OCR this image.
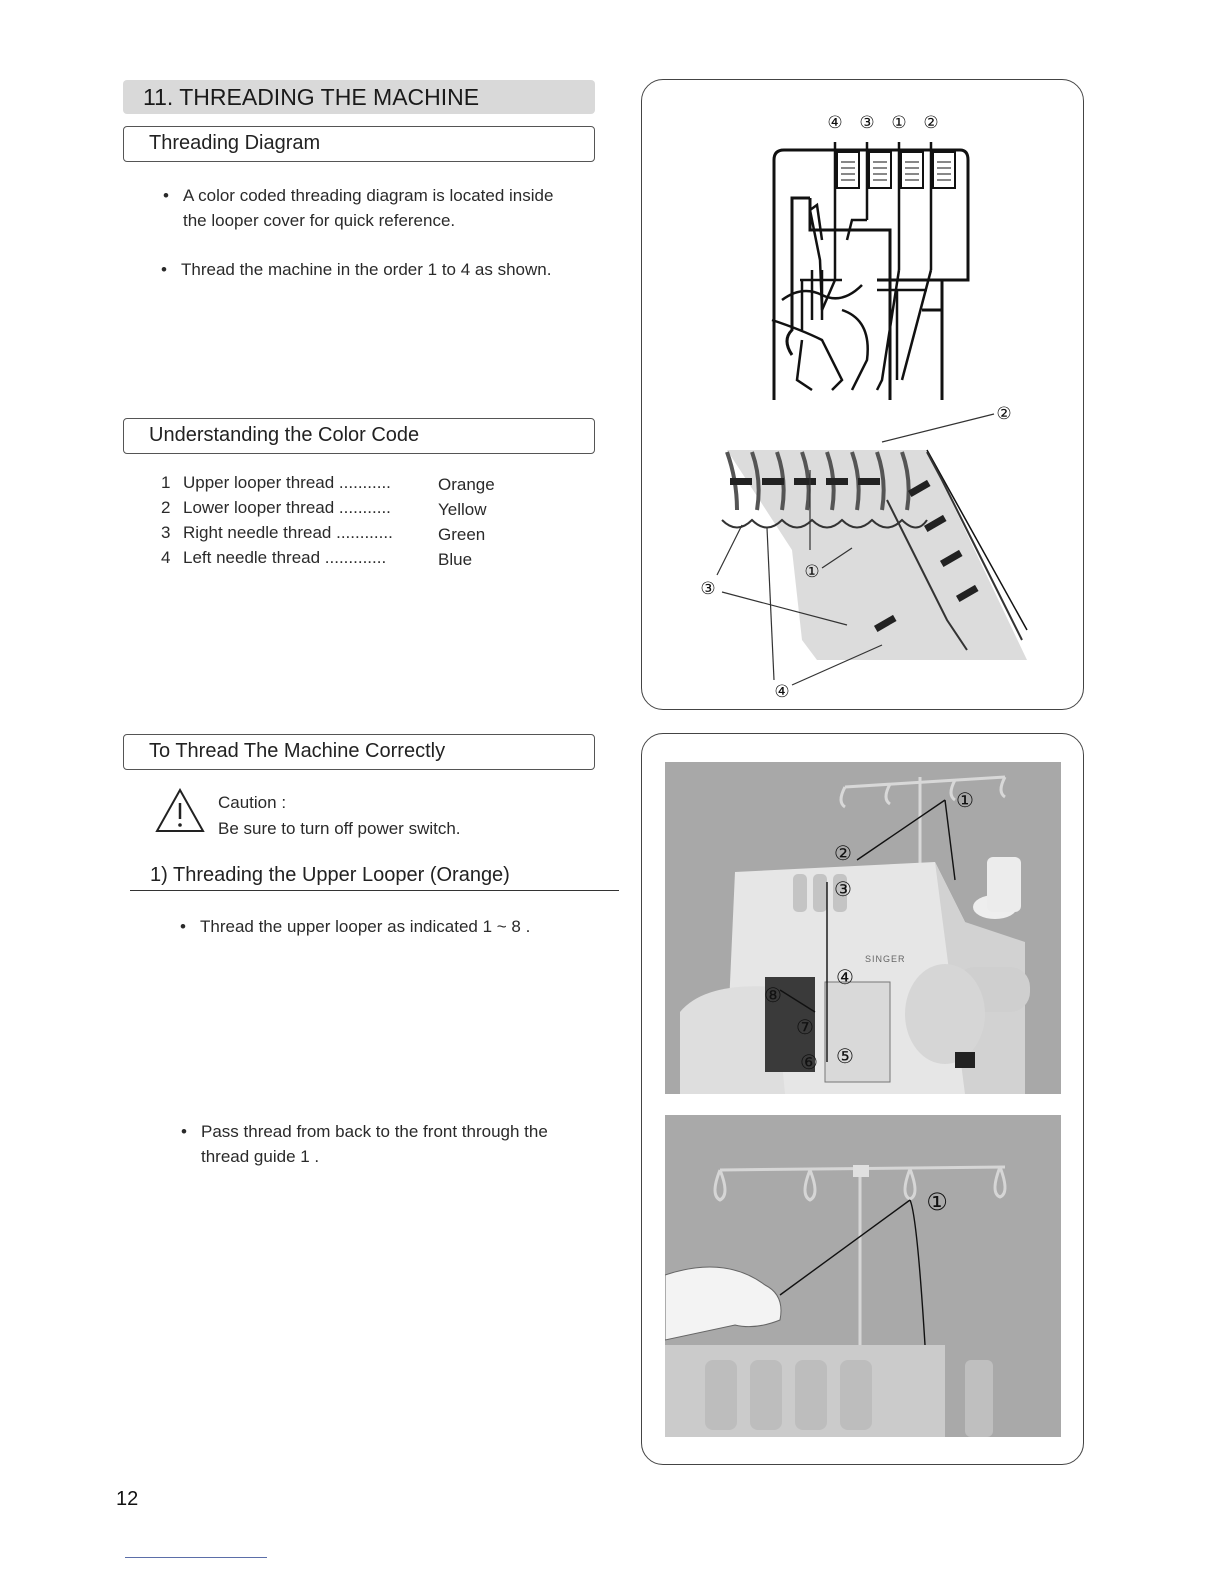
11. THREADING THE MACHINE
Threading Diagram
• A color coded threading diagram is located inside
the looper cover for quick reference.
• Thread the machine in the order 1 to 4 as shown.
Understanding the Color Code
1 Upper looper thread ...........	Orange
2 Lower looper thread ...........	Yellow
3 Right needle thread ............	Green
4 Left needle thread .............	Blue
To Thread The Machine Correctly
Caution :
Be sure to turn off power switch.
1) Threading the Upper Looper (Orange)
• Thread the upper looper as indicated 1 ~ 8 .
• Pass thread from back to the front through the
thread guide 1 .
④ ③ ① ②
②
①
③
④
SINGER
①
②
③
④
⑤
⑥
⑦
⑧
①
12
